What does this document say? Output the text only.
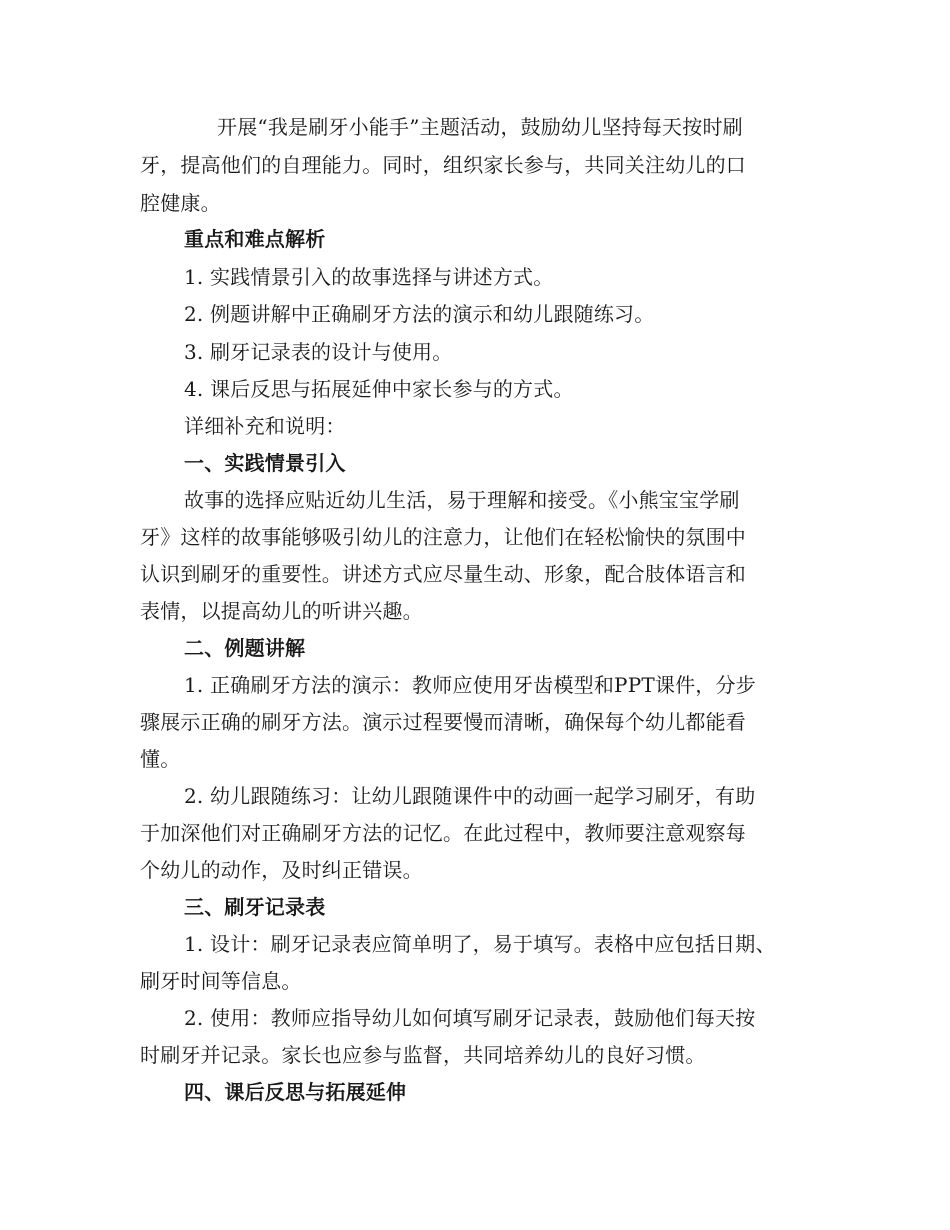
开展“我是刷牙小能手”主题活动，鼓励幼儿坚持每天按时刷
牙，提高他们的自理能力。同时，组织家长参与，共同关注幼儿的口
腔健康。
重点和难点解析
1. 实践情景引入的故事选择与讲述方式。
2. 例题讲解中正确刷牙方法的演示和幼儿跟随练习。
3. 刷牙记录表的设计与使用。
4. 课后反思与拓展延伸中家长参与的方式。
详细补充和说明：
一、实践情景引入
故事的选择应贴近幼儿生活，易于理解和接受。《小熊宝宝学刷
牙》这样的故事能够吸引幼儿的注意力，让他们在轻松愉快的氛围中
认识到刷牙的重要性。讲述方式应尽量生动、形象，配合肢体语言和
表情，以提高幼儿的听讲兴趣。
二、例题讲解
1. 正确刷牙方法的演示：教师应使用牙齿模型和PPT课件，分步
骤展示正确的刷牙方法。演示过程要慢而清晰，确保每个幼儿都能看
懂。
2. 幼儿跟随练习：让幼儿跟随课件中的动画一起学习刷牙，有助
于加深他们对正确刷牙方法的记忆。在此过程中，教师要注意观察每
个幼儿的动作，及时纠正错误。
三、刷牙记录表
1. 设计：刷牙记录表应简单明了，易于填写。表格中应包括日期、
刷牙时间等信息。
2. 使用：教师应指导幼儿如何填写刷牙记录表，鼓励他们每天按
时刷牙并记录。家长也应参与监督，共同培养幼儿的良好习惯。
四、课后反思与拓展延伸
